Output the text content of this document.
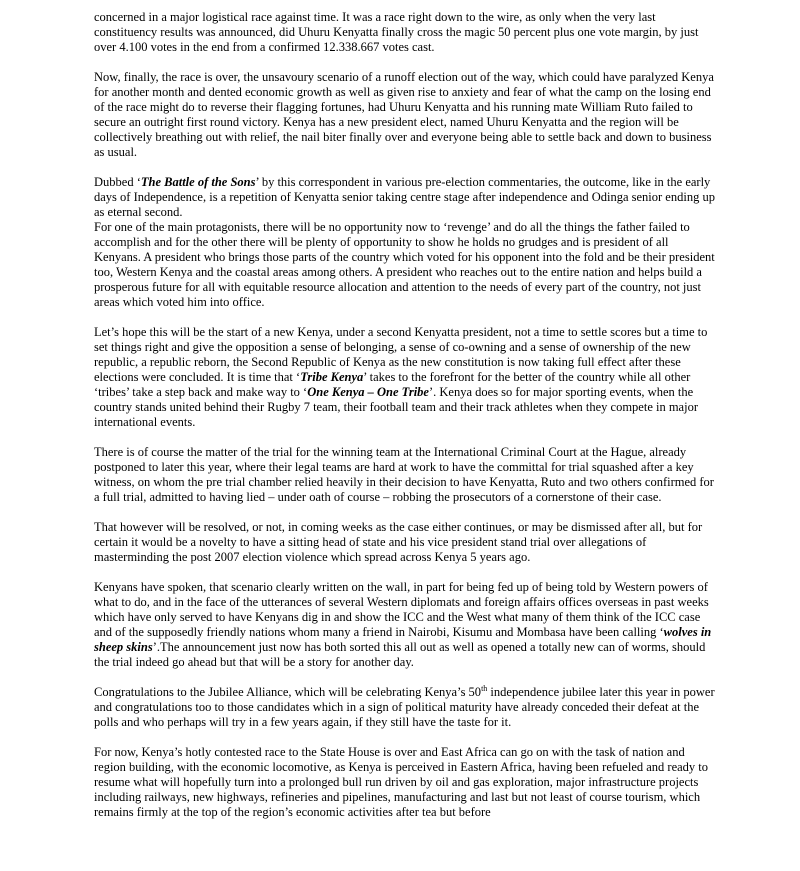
concerned in a major logistical race against time. It was a race right down to the wire, as only when the very last constituency results was announced, did Uhuru Kenyatta finally cross the magic 50 percent plus one vote margin, by just over 4.100 votes in the end from a confirmed 12.338.667 votes cast.

Now, finally, the race is over, the unsavoury scenario of a runoff election out of the way, which could have paralyzed Kenya for another month and dented economic growth as well as given rise to anxiety and fear of what the camp on the losing end of the race might do to reverse their flagging fortunes, had Uhuru Kenyatta and his running mate William Ruto failed to secure an outright first round victory. Kenya has a new president elect, named Uhuru Kenyatta and the region will be collectively breathing out with relief, the nail biter finally over and everyone being able to settle back and down to business as usual.

Dubbed ‘The Battle of the Sons’ by this correspondent in various pre-election commentaries, the outcome, like in the early days of Independence, is a repetition of Kenyatta senior taking centre stage after independence and Odinga senior ending up as eternal second.

For one of the main protagonists, there will be no opportunity now to ‘revenge’ and do all the things the father failed to accomplish and for the other there will be plenty of opportunity to show he holds no grudges and is president of all Kenyans. A president who brings those parts of the country which voted for his opponent into the fold and be their president too, Western Kenya and the coastal areas among others. A president who reaches out to the entire nation and helps build a prosperous future for all with equitable resource allocation and attention to the needs of every part of the country, not just areas which voted him into office.

Let’s hope this will be the start of a new Kenya, under a second Kenyatta president, not a time to settle scores but a time to set things right and give the opposition a sense of belonging, a sense of co-owning and a sense of ownership of the new republic, a republic reborn, the Second Republic of Kenya as the new constitution is now taking full effect after these elections were concluded. It is time that ‘Tribe Kenya’ takes to the forefront for the better of the country while all other ‘tribes’ take a step back and make way to ‘One Kenya – One Tribe’. Kenya does so for major sporting events, when the country stands united behind their Rugby 7 team, their football team and their track athletes when they compete in major international events.

There is of course the matter of the trial for the winning team at the International Criminal Court at the Hague, already postponed to later this year, where their legal teams are hard at work to have the committal for trial squashed after a key witness, on whom the pre trial chamber relied heavily in their decision to have Kenyatta, Ruto and two others confirmed for a full trial, admitted to having lied – under oath of course – robbing the prosecutors of a cornerstone of their case.

That however will be resolved, or not, in coming weeks as the case either continues, or may be dismissed after all, but for certain it would be a novelty to have a sitting head of state and his vice president stand trial over allegations of masterminding the post 2007 election violence which spread across Kenya 5 years ago.

Kenyans have spoken, that scenario clearly written on the wall, in part for being fed up of being told by Western powers of what to do, and in the face of the utterances of several Western diplomats and foreign affairs offices overseas in past weeks which have only served to have Kenyans dig in and show the ICC and the West what many of them think of the ICC case and of the supposedly friendly nations whom many a friend in Nairobi, Kisumu and Mombasa have been calling ‘wolves in sheep skins’.The announcement just now has both sorted this all out as well as opened a totally new can of worms, should the trial indeed go ahead but that will be a story for another day.

Congratulations to the Jubilee Alliance, which will be celebrating Kenya’s 50th independence jubilee later this year in power and congratulations too to those candidates which in a sign of political maturity have already conceded their defeat at the polls and who perhaps will try in a few years again, if they still have the taste for it.

For now, Kenya’s hotly contested race to the State House is over and East Africa can go on with the task of nation and region building, with the economic locomotive, as Kenya is perceived in Eastern Africa, having been refueled and ready to resume what will hopefully turn into a prolonged bull run driven by oil and gas exploration, major infrastructure projects including railways, new highways, refineries and pipelines, manufacturing and last but not least of course tourism, which remains firmly at the top of the region’s economic activities after tea but before
